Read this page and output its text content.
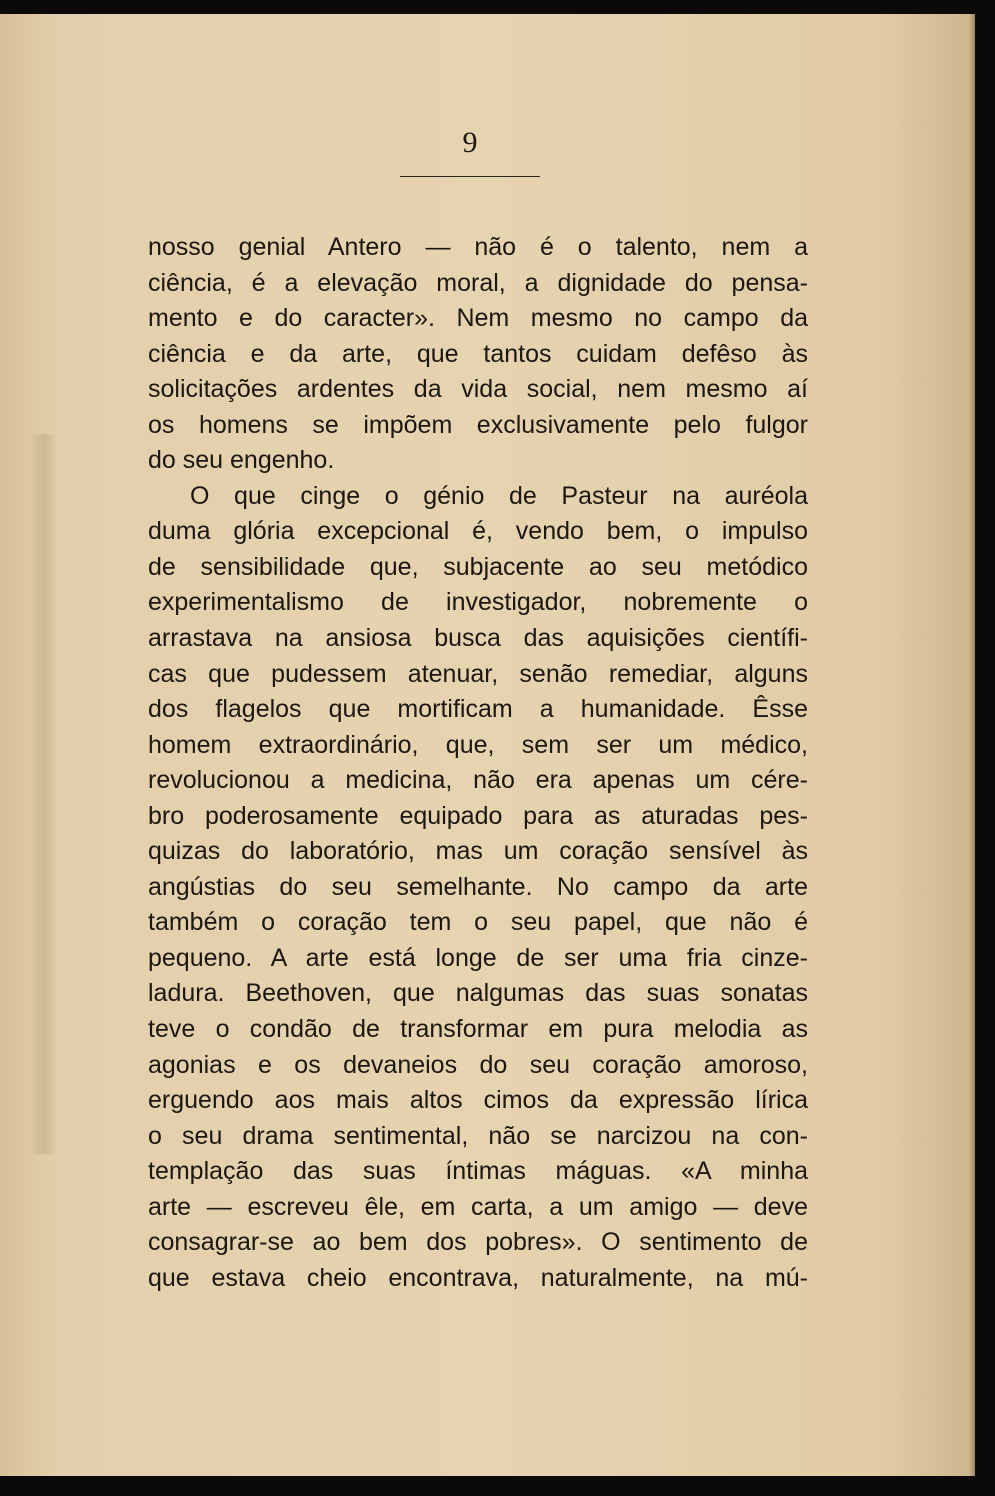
9

nosso genial Antero — não é o talento, nem a
ciência, é a elevação moral, a dignidade do pensa-
mento e do caracter». Nem mesmo no campo da
ciência e da arte, que tantos cuidam defêso às
solicitações ardentes da vida social, nem mesmo aí
os homens se impõem exclusivamente pelo fulgor
do seu engenho.
O que cinge o génio de Pasteur na auréola
duma glória excepcional é, vendo bem, o impulso
de sensibilidade que, subjacente ao seu metódico
experimentalismo de investigador, nobremente o
arrastava na ansiosa busca das aquisições científi-
cas que pudessem atenuar, senão remediar, alguns
dos flagelos que mortificam a humanidade. Êsse
homem extraordinário, que, sem ser um médico,
revolucionou a medicina, não era apenas um cére-
bro poderosamente equipado para as aturadas pes-
quizas do laboratório, mas um coração sensível às
angústias do seu semelhante. No campo da arte
também o coração tem o seu papel, que não é
pequeno. A arte está longe de ser uma fria cinze-
ladura. Beethoven, que nalgumas das suas sonatas
teve o condão de transformar em pura melodia as
agonias e os devaneios do seu coração amoroso,
erguendo aos mais altos cimos da expressão lírica
o seu drama sentimental, não se narcizou na con-
templação das suas íntimas máguas. «A minha
arte — escreveu êle, em carta, a um amigo — deve
consagrar-se ao bem dos pobres». O sentimento de
que estava cheio encontrava, naturalmente, na mú-
